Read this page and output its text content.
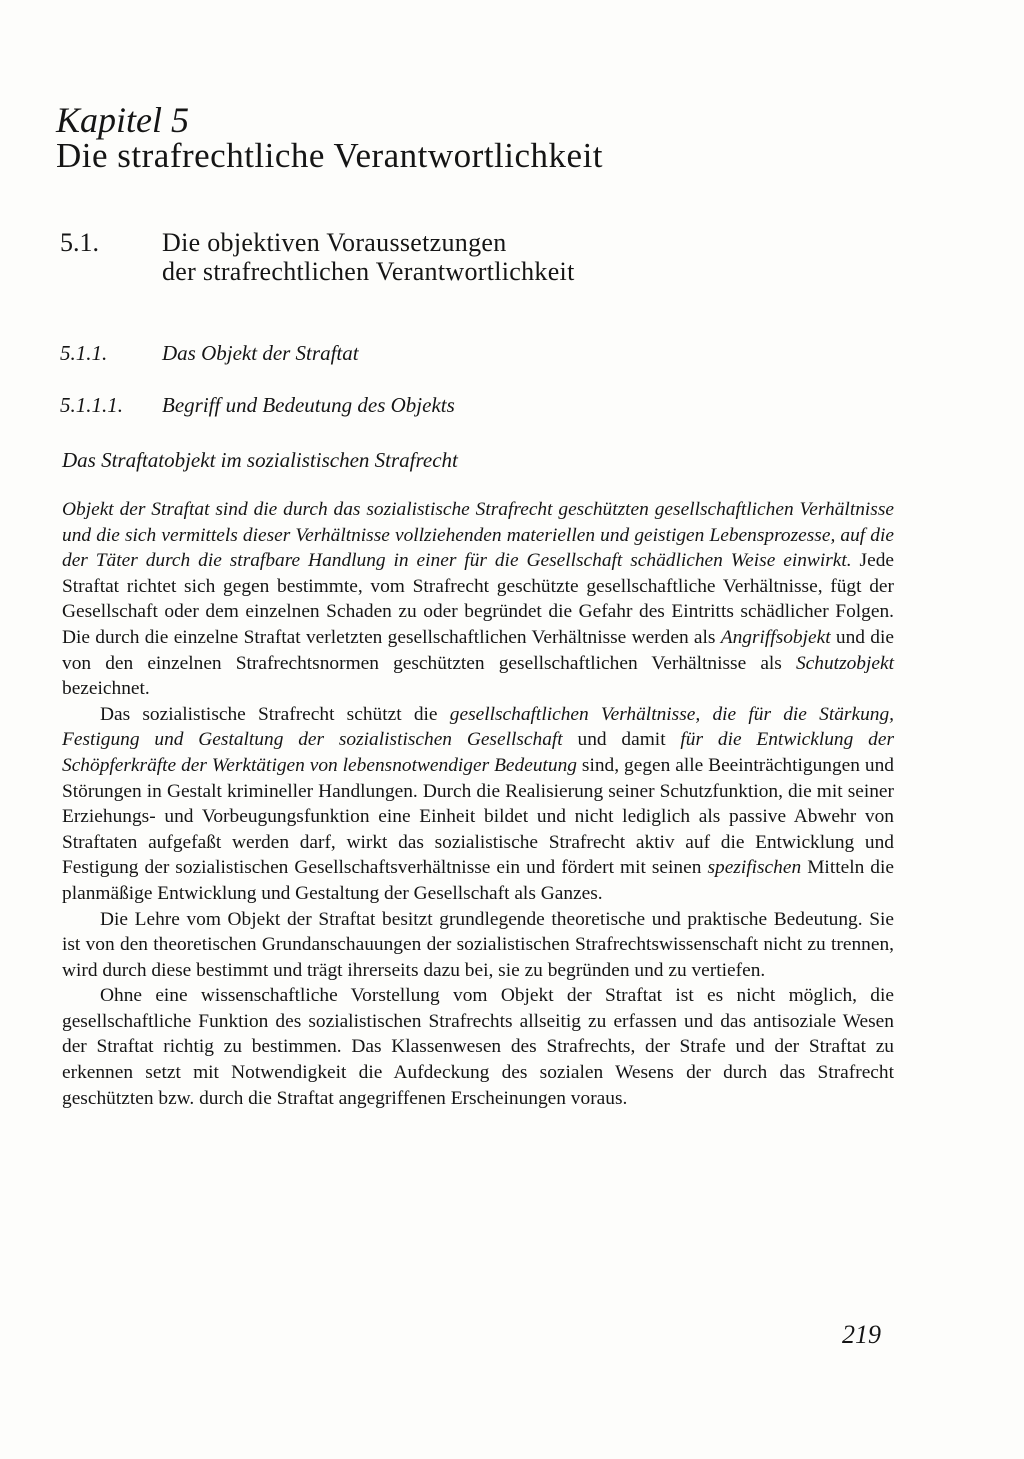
Kapitel 5
Die strafrechtliche Verantwortlichkeit
5.1. Die objektiven Voraussetzungen
der strafrechtlichen Verantwortlichkeit
5.1.1.	Das Objekt der Straftat
5.1.1.1. Begriff und Bedeutung des Objekts
Das Straftatobjekt im sozialistischen Strafrecht

Objekt der Straftat sind die durch das sozialistische Strafrecht geschützten gesellschaftlichen Verhältnisse und die sich vermittels dieser Verhältnisse vollziehenden materiellen und geistigen Lebensprozesse, auf die der Täter durch die strafbare Handlung in einer für die Gesellschaft schädlichen Weise einwirkt. Jede Straftat richtet sich gegen bestimmte, vom Strafrecht geschützte gesellschaftliche Verhältnisse, fügt der Gesellschaft oder dem einzelnen Schaden zu oder begründet die Gefahr des Eintritts schädlicher Folgen. Die durch die einzelne Straftat verletzten gesellschaftlichen Verhältnisse werden als Angriffsobjekt und die von den einzelnen Strafrechtsnormen geschützten gesellschaftlichen Verhältnisse als Schutzobjekt bezeichnet.

Das sozialistische Strafrecht schützt die gesellschaftlichen Verhältnisse, die für die Stärkung, Festigung und Gestaltung der sozialistischen Gesellschaft und damit für die Entwicklung der Schöpferkräfte der Werktätigen von lebensnotwendiger Bedeutung sind, gegen alle Beeinträchtigungen und Störungen in Gestalt krimineller Handlungen. Durch die Realisierung seiner Schutzfunktion, die mit seiner Erziehungs- und Vorbeugungsfunktion eine Einheit bildet und nicht lediglich als passive Abwehr von Straftaten aufgefaßt werden darf, wirkt das sozialistische Strafrecht aktiv auf die Entwicklung und Festigung der sozialistischen Gesellschaftsverhältnisse ein und fördert mit seinen spezifischen Mitteln die planmäßige Entwicklung und Gestaltung der Gesellschaft als Ganzes.

Die Lehre vom Objekt der Straftat besitzt grundlegende theoretische und praktische Bedeutung. Sie ist von den theoretischen Grundanschauungen der sozialistischen Strafrechtswissenschaft nicht zu trennen, wird durch diese bestimmt und trägt ihrerseits dazu bei, sie zu begründen und zu vertiefen.

Ohne eine wissenschaftliche Vorstellung vom Objekt der Straftat ist es nicht möglich, die gesellschaftliche Funktion des sozialistischen Strafrechts allseitig zu erfassen und das antisoziale Wesen der Straftat richtig zu bestimmen. Das Klassenwesen des Strafrechts, der Strafe und der Straftat zu erkennen setzt mit Notwendigkeit die Aufdeckung des sozialen Wesens der durch das Strafrecht geschützten bzw. durch die Straftat angegriffenen Erscheinungen voraus.

219
